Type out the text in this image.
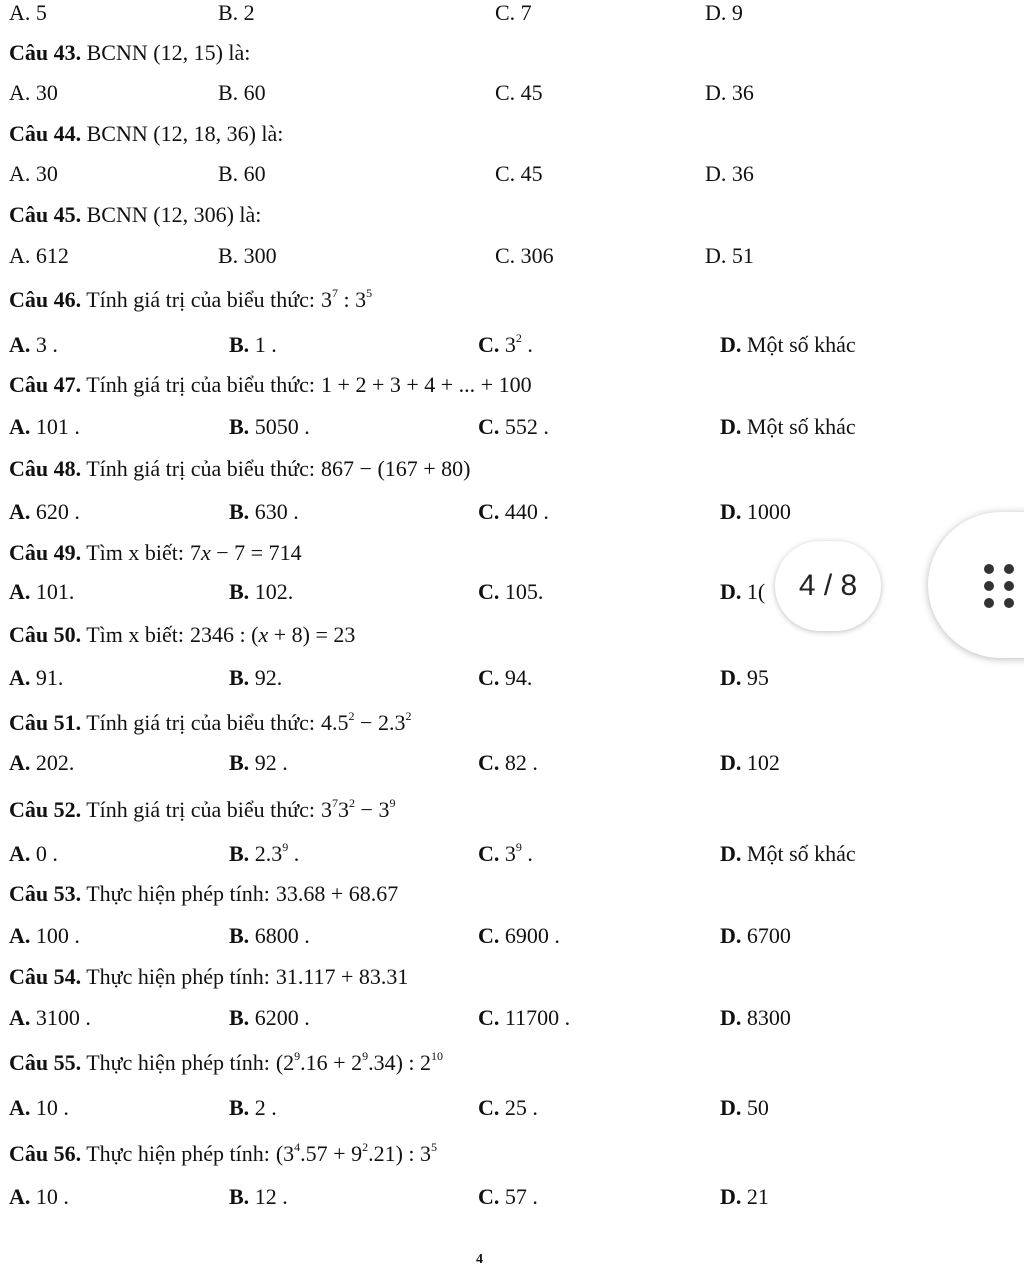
A. 5	B. 2	C. 7	D. 9
Câu 43. BCNN (12, 15) là:
A. 30	B. 60	C. 45	D. 36
Câu 44. BCNN (12, 18, 36) là:
A. 30	B. 60	C. 45	D. 36
Câu 45. BCNN (12, 306) là:
A. 612	B. 300	C. 306	D. 51
Câu 46. Tính giá trị của biểu thức: $3^7$ : $3^5$
A. 3 .	B. 1 .	C. $3^2$ .	D. Một số khác
Câu 47. Tính giá trị của biểu thức: 1 + 2 + 3 + 4 + ... + 100
A. 101 .	B. 5050 .	C. 552 .	D. Một số khác
Câu 48. Tính giá trị của biểu thức: 867 − (167 + 80)
A. 620 .	B. 630 .	C. 440 .	D. 1000
Câu 49. Tìm x biết: 7x − 7 = 714
A. 101.	B. 102.	C. 105.	D. 1(
Câu 50. Tìm x biết: 2346 : (x + 8) = 23
A. 91.	B. 92.	C. 94.	D. 95
Câu 51. Tính giá trị của biểu thức: $4.5^2 - 2.3^2$
A. 202.	B. 92 .	C. 82 .	D. 102
Câu 52. Tính giá trị của biểu thức: $3^73^2 - 3^9$
A. 0 .	B. $2.3^9$ .	C. $3^9$ .	D. Một số khác
Câu 53. Thực hiện phép tính: 33.68 + 68.67
A. 100 .	B. 6800 .	C. 6900 .	D. 6700
Câu 54. Thực hiện phép tính: 31.117 + 83.31
A. 3100 .	B. 6200 .	C. 11700 .	D. 8300
Câu 55. Thực hiện phép tính: $(2^9.16 + 2^9.34)$ : $2^{10}$
A. 10 .	B. 2 .	C. 25 .	D. 50
Câu 56. Thực hiện phép tính: $(3^4.57 + 9^2.21)$ : $3^5$
A. 10 .	B. 12 .	C. 57 .	D. 21
4
4 / 8
